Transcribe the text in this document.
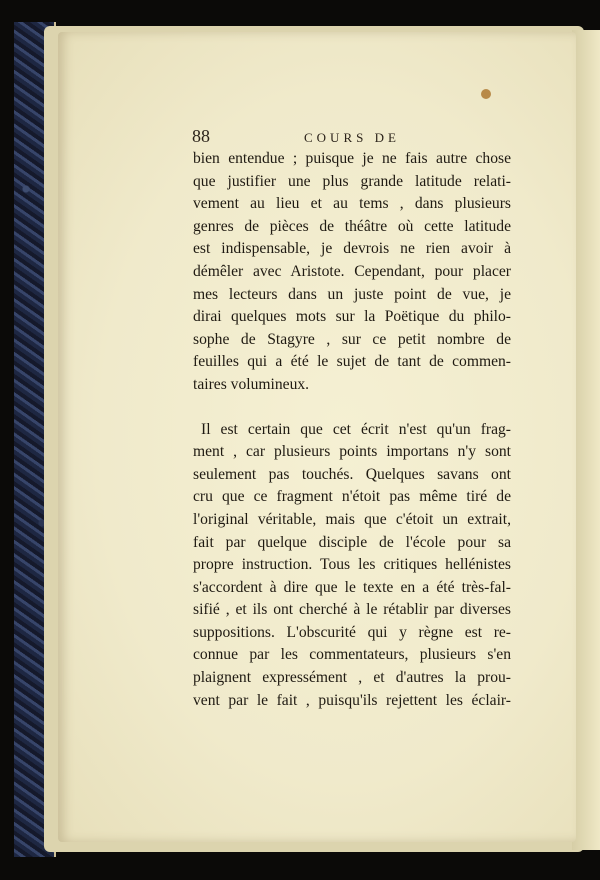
88	COURS DE
bien entendue ; puisque je ne fais autre chose
que justifier une plus grande latitude relati-
vement au lieu et au tems , dans plusieurs
genres de pièces de théâtre où cette latitude
est indispensable, je devrois ne rien avoir à
démêler avec Aristote. Cependant, pour placer
mes lecteurs dans un juste point de vue, je
dirai quelques mots sur la Poëtique du philo-
sophe de Stagyre , sur ce petit nombre de
feuilles qui a été le sujet de tant de commen-
taires volumineux.
Il est certain que cet écrit n'est qu'un frag-
ment , car plusieurs points importans n'y sont
seulement pas touchés. Quelques savans ont
cru que ce fragment n'étoit pas même tiré de
l'original véritable, mais que c'étoit un extrait,
fait par quelque disciple de l'école pour sa
propre instruction. Tous les critiques hellénistes
s'accordent à dire que le texte en a été très-fal-
sifié , et ils ont cherché à le rétablir par diverses
suppositions. L'obscurité qui y règne est re-
connue par les commentateurs, plusieurs s'en
plaignent expressément , et d'autres la prou-
vent par le fait , puisqu'ils rejettent les éclair-
